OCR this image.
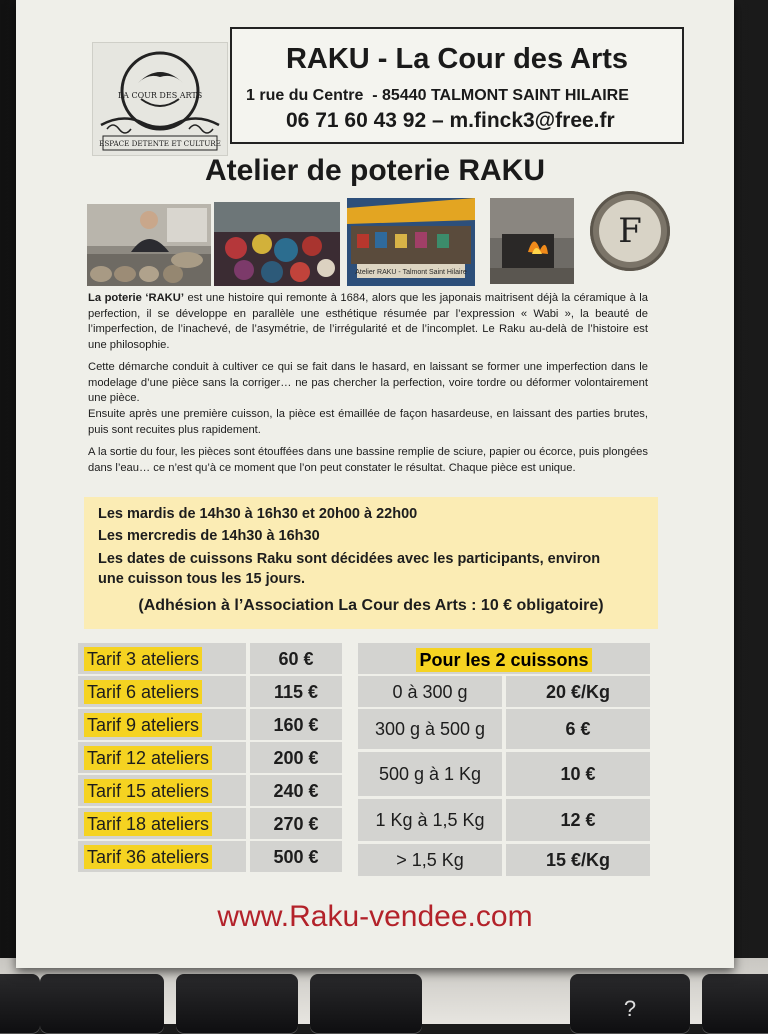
?
LA COUR DES ARTS
ESPACE DETENTE ET CULTURE
RAKU - La Cour des Arts
1 rue du Centre  - 85440 TALMONT SAINT HILAIRE
06 71 60 43 92 – m.finck3@free.fr
Atelier de poterie RAKU
Atelier RAKU - Talmont Saint Hilaire
F

La poterie ‘RAKU’ est une histoire qui remonte à 1684, alors que les japonais maitrisent déjà la céramique à la perfection, il se développe en parallèle une esthétique résumée par l’expression « Wabi », la beauté de l’imperfection, de l’inachevé, de l’asymétrie, de l’irrégularité et de l’incomplet. Le Raku au-delà de l’histoire est une philosophie.

Cette démarche conduit à cultiver ce qui se fait dans le hasard, en laissant se former une imperfection dans le modelage d’une pièce sans la corriger… ne pas chercher la perfection, voire tordre ou déformer volontairement une pièce.

Ensuite après une première cuisson, la pièce est émaillée de façon hasardeuse, en laissant des parties brutes, puis sont recuites plus rapidement.

A la sortie du four, les pièces sont étouffées dans une bassine remplie de sciure, papier ou écorce, puis plongées dans l’eau… ce n’est qu’à ce moment que l’on peut constater le résultat. Chaque pièce est unique.

Les mardis de 14h30 à 16h30 et 20h00 à 22h00
Les mercredis de 14h30 à 16h30
Les dates de cuissons Raku sont décidées avec les participants, environ
une cuisson tous les 15 jours.
(Adhésion à l’Association La Cour des Arts : 10 € obligatoire)
Tarif 3 ateliers	60 €
Tarif 6 ateliers	115 €
Tarif 9 ateliers	160 €
Tarif 12 ateliers	200 €
Tarif 15 ateliers	240 €
Tarif 18 ateliers	270 €
Tarif 36 ateliers	500 €
Pour les 2 cuissons
0 à 300 g	20 €/Kg
300 g à 500 g	6 €
500 g à 1 Kg	10 €
1 Kg à 1,5 Kg	12 €
> 1,5 Kg	15 €/Kg
www.Raku-vendee.com
